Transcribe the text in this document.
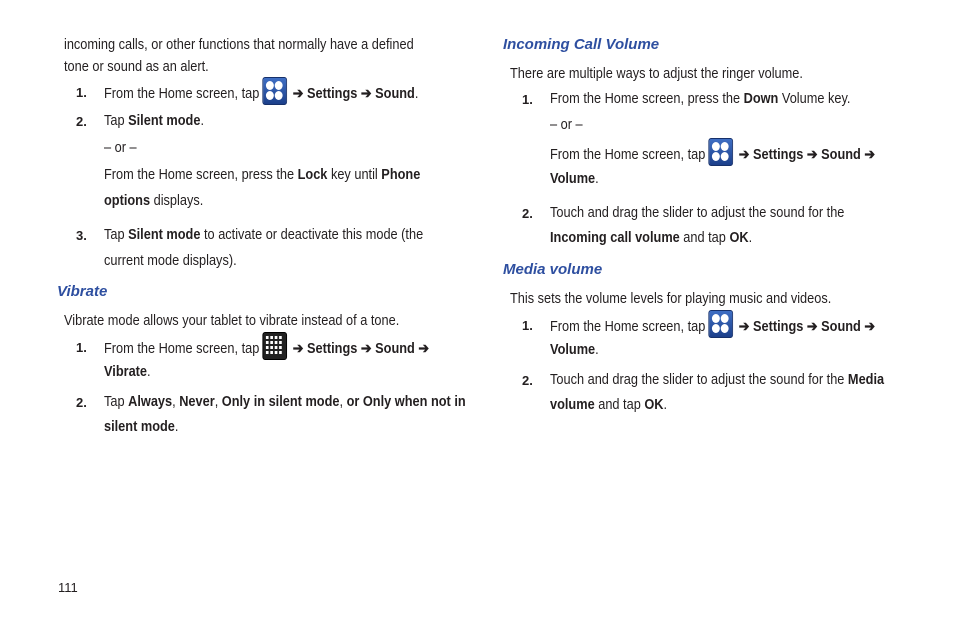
incoming calls, or other functions that normally have a defined
tone or sound as an alert.
1. From the Home screen, tap ➔ Settings ➔ Sound.
2. Tap Silent mode.
– or –
From the Home screen, press the Lock key until Phone
options displays.
3. Tap Silent mode to activate or deactivate this mode (the
current mode displays).
Vibrate
Vibrate mode allows your tablet to vibrate instead of a tone.
1. From the Home screen, tap ➔ Settings ➔ Sound ➔
Vibrate.
2. Tap Always, Never, Only in silent mode, or Only when not in
silent mode.
Incoming Call Volume
There are multiple ways to adjust the ringer volume.
1. From the Home screen, press the Down Volume key.
– or –
From the Home screen, tap ➔ Settings ➔ Sound ➔
Volume.
2. Touch and drag the slider to adjust the sound for the
Incoming call volume and tap OK.
Media volume
This sets the volume levels for playing music and videos.
1. From the Home screen, tap ➔ Settings ➔ Sound ➔
Volume.
2. Touch and drag the slider to adjust the sound for the Media
volume and tap OK.
111
